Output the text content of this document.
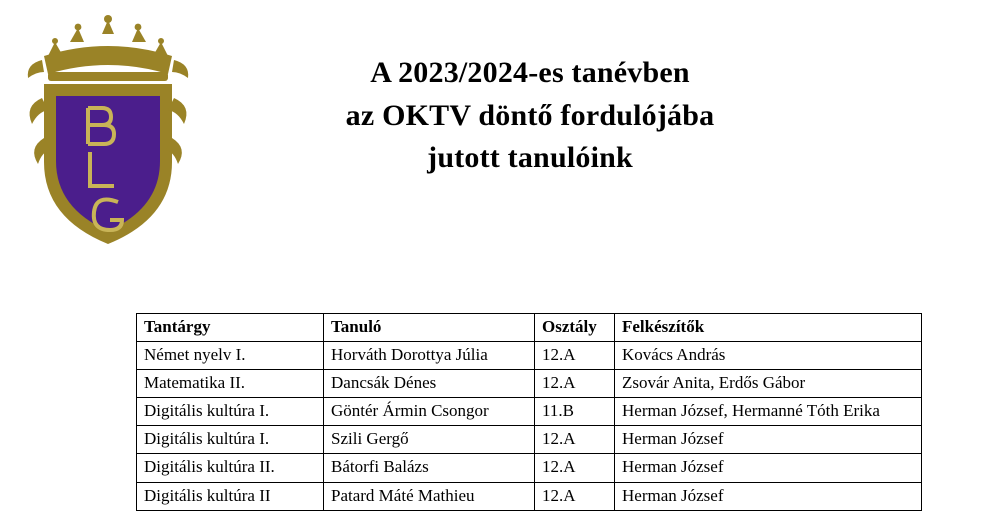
A 2023/2024-es tanévben
az OKTV döntő fordulójába
jutott tanulóink
Tantárgy	Tanuló	Osztály	Felkészítők
Német nyelv I.	Horváth Dorottya Júlia	12.A	Kovács András
Matematika II.	Dancsák Dénes	12.A	Zsovár Anita, Erdős Gábor
Digitális kultúra I.	Göntér Ármin Csongor	11.B	Herman József, Hermanné Tóth Erika
Digitális kultúra I.	Szili Gergő	12.A	Herman József
Digitális kultúra II.	Bátorfi Balázs	12.A	Herman József
Digitális kultúra II	Patard Máté Mathieu	12.A	Herman József
